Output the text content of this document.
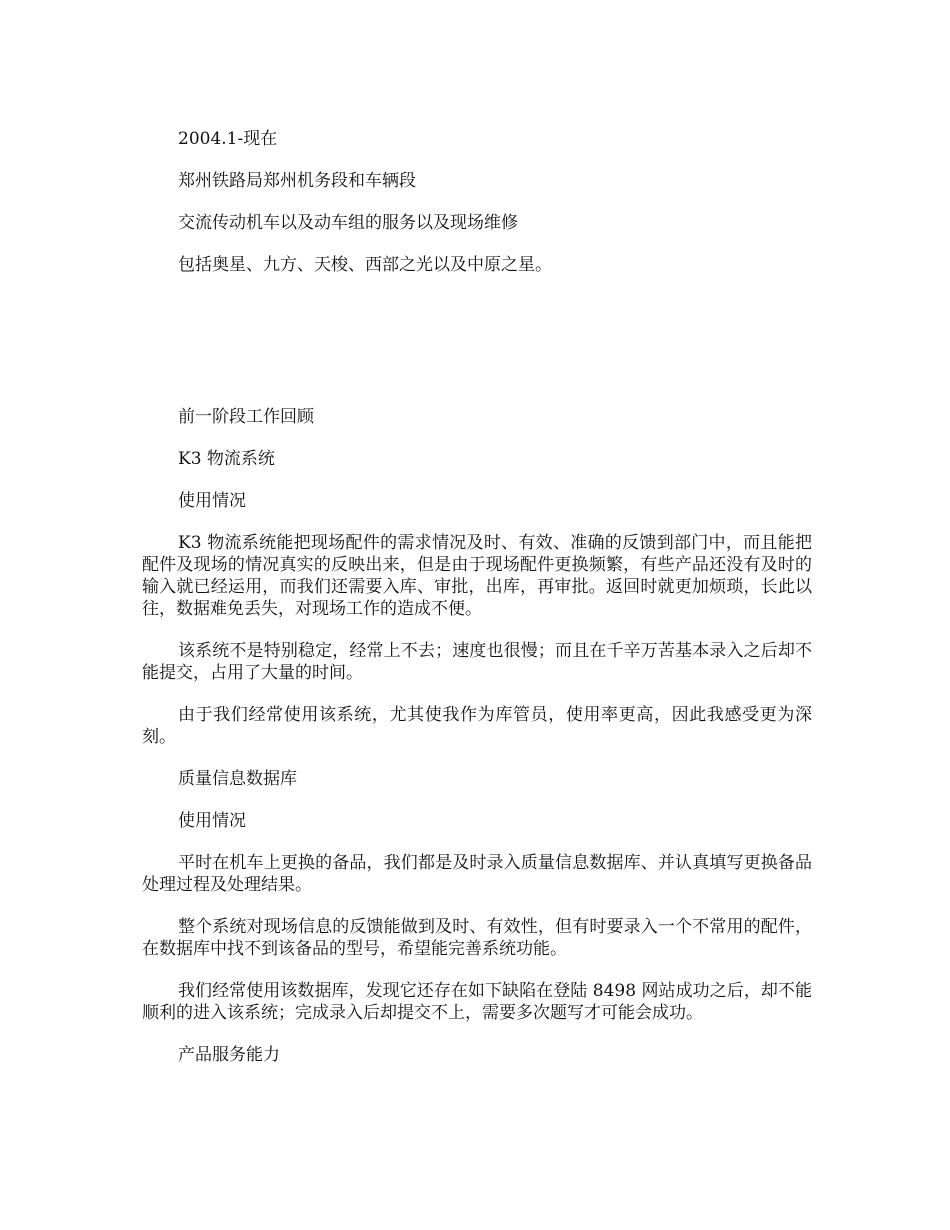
2004.1-现在

郑州铁路局郑州机务段和车辆段

交流传动机车以及动车组的服务以及现场维修

包括奥星、九方、天梭、西部之光以及中原之星。

前一阶段工作回顾

K3 物流系统

使用情况

K3 物流系统能把现场配件的需求情况及时、有效、准确的反馈到部门中，而且能把配件及现场的情况真实的反映出来，但是由于现场配件更换频繁，有些产品还没有及时的输入就已经运用，而我们还需要入库、审批，出库，再审批。返回时就更加烦琐，长此以往，数据难免丢失，对现场工作的造成不便。

该系统不是特别稳定，经常上不去；速度也很慢；而且在千辛万苦基本录入之后却不能提交，占用了大量的时间。

由于我们经常使用该系统，尤其使我作为库管员，使用率更高，因此我感受更为深刻。

质量信息数据库

使用情况

平时在机车上更换的备品，我们都是及时录入质量信息数据库、并认真填写更换备品处理过程及处理结果。

整个系统对现场信息的反馈能做到及时、有效性，但有时要录入一个不常用的配件，在数据库中找不到该备品的型号，希望能完善系统功能。

我们经常使用该数据库，发现它还存在如下缺陷在登陆 8498 网站成功之后，却不能顺利的进入该系统；完成录入后却提交不上，需要多次题写才可能会成功。

产品服务能力
